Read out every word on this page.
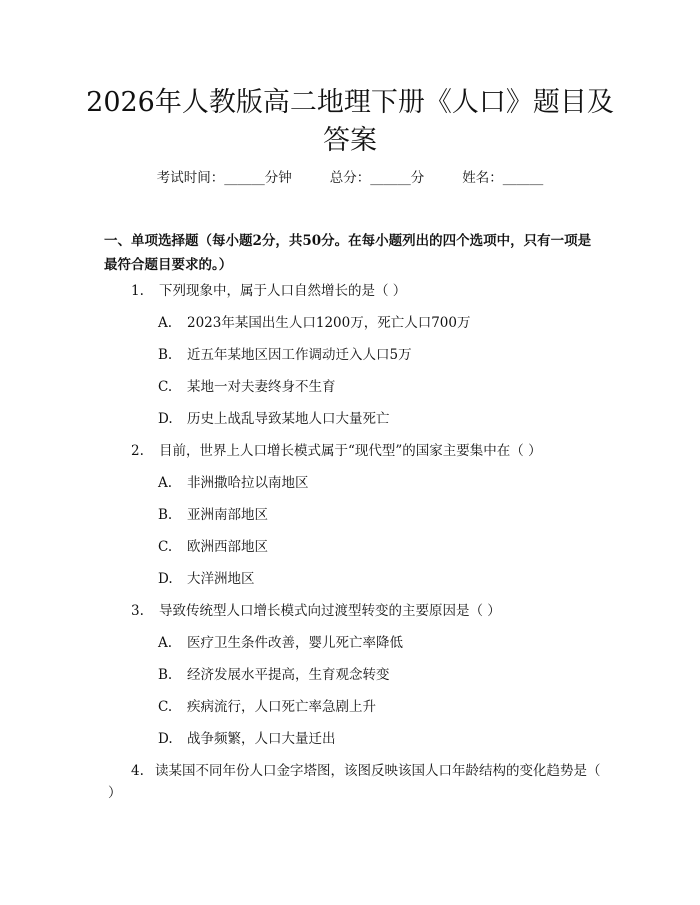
2026年人教版高二地理下册《人口》题目及
答案
考试时间：______分钟	总分：______分	姓名：______
一、单项选择题（每小题2分，共50分。在每小题列出的四个选项中，只有一项是最符合题目要求的。）
1. 下列现象中，属于人口自然增长的是（ ）
A. 2023年某国出生人口1200万，死亡人口700万
B. 近五年某地区因工作调动迁入人口5万
C. 某地一对夫妻终身不生育
D. 历史上战乱导致某地人口大量死亡
2. 目前，世界上人口增长模式属于“现代型”的国家主要集中在（ ）
A. 非洲撒哈拉以南地区
B. 亚洲南部地区
C. 欧洲西部地区
D. 大洋洲地区
3. 导致传统型人口增长模式向过渡型转变的主要原因是（ ）
A. 医疗卫生条件改善，婴儿死亡率降低
B. 经济发展水平提高，生育观念转变
C. 疾病流行，人口死亡率急剧上升
D. 战争频繁，人口大量迁出
4. 读某国不同年份人口金字塔图，该图反映该国人口年龄结构的变化趋势是（ ）
